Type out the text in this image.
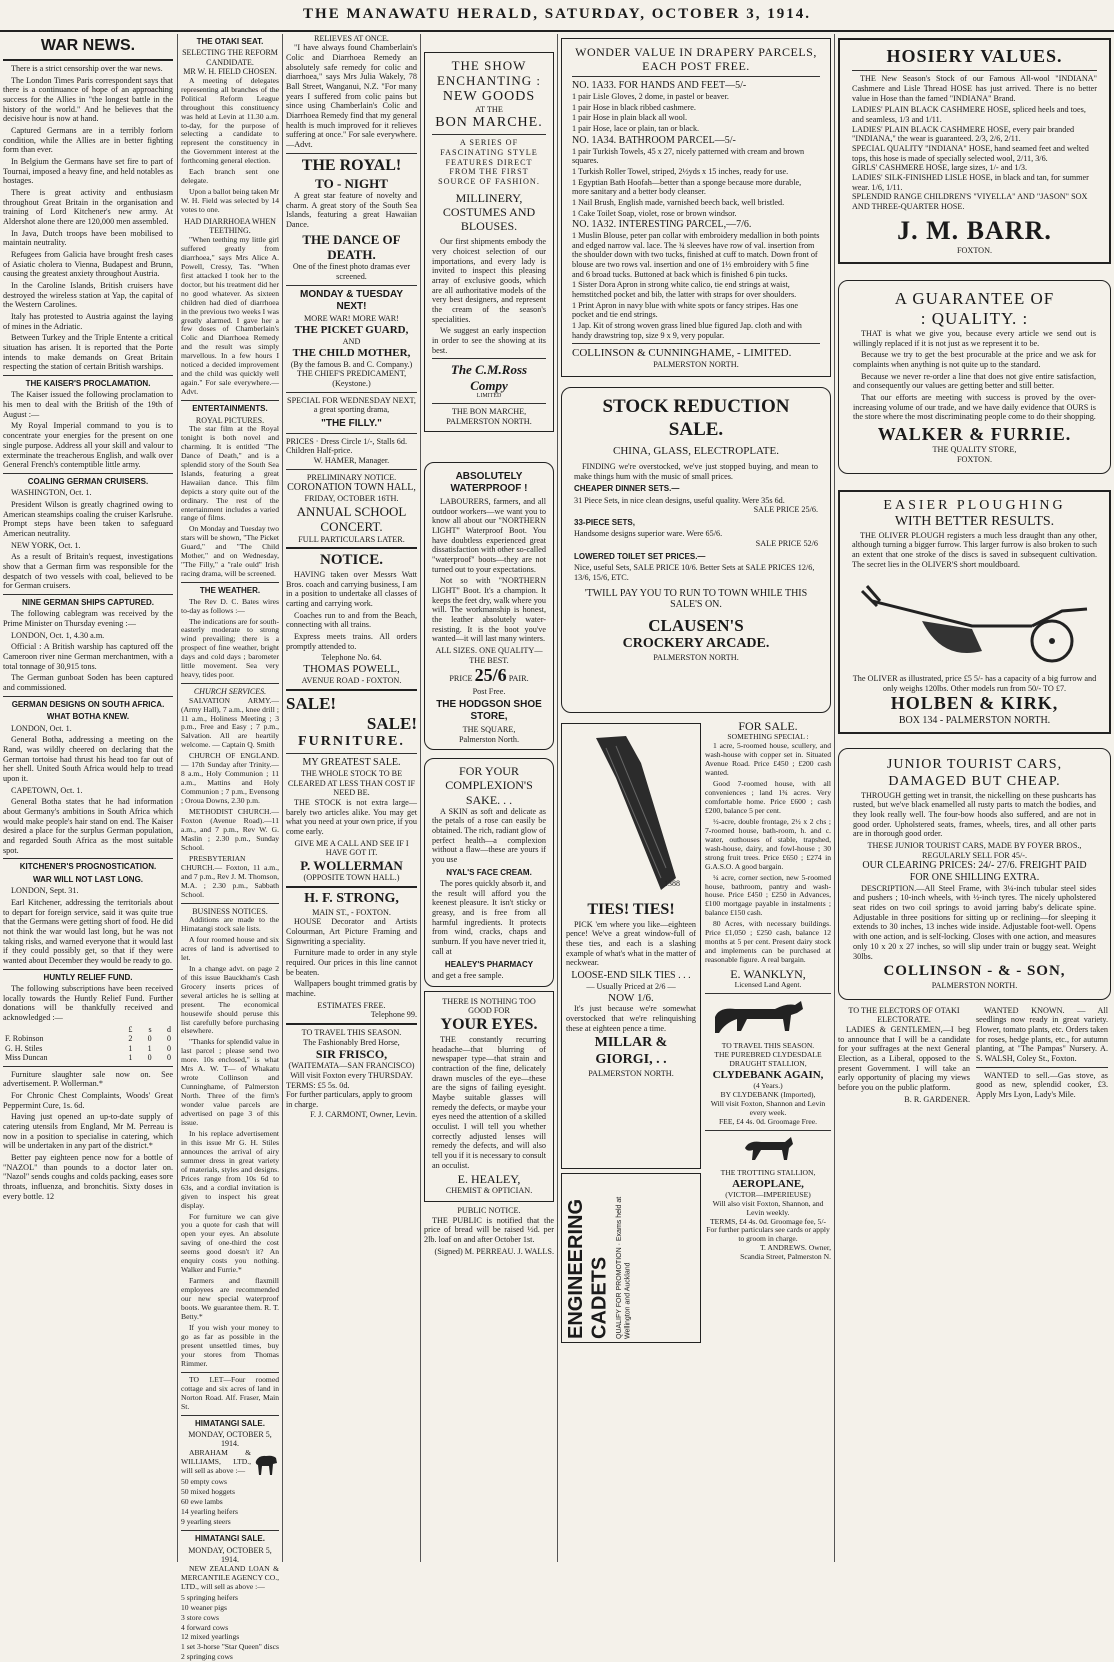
THE MANAWATU HERALD, SATURDAY, OCTOBER 3, 1914.
WAR NEWS.

There is a strict censorship over the war news.

The London Times Paris correspondent says that there is a continuance of hope of an approaching success for the Allies in "the longest battle in the history of the world." And he believes that the decisive hour is now at hand.

Captured Germans are in a terribly forlorn condition, while the Allies are in better fighting form than ever.

In Belgium the Germans have set fire to part of Tournai, imposed a heavy fine, and held notables as hostages.

There is great activity and enthusiasm throughout Great Britain in the organisation and training of Lord Kitchener's new army. At Aldershot alone there are 120,000 men assembled.

In Java, Dutch troops have been mobilised to maintain neutrality.

Refugees from Galicia have brought fresh cases of Asiatic cholera to Vienna, Budapest and Brunn, causing the greatest anxiety throughout Austria.

In the Caroline Islands, British cruisers have destroyed the wireless station at Yap, the capital of the Western Carolines.

Italy has protested to Austria against the laying of mines in the Adriatic.

Between Turkey and the Triple Entente a critical situation has arisen. It is reported that the Porte intends to make demands on Great Britain respecting the station of certain British warships.

THE KAISER'S PROCLAMATION.

The Kaiser issued the following proclamation to his men to deal with the British of the 19th of August :—

My Royal Imperial command to you is to concentrate your energies for the present on one single purpose. Address all your skill and valour to exterminate the treacherous English, and walk over General French's contemptible little army.

COALING GERMAN CRUISERS.

WASHINGTON, Oct. 1.

President Wilson is greatly chagrined owing to American steamships coaling the cruiser Karlsruhe. Prompt steps have been taken to safeguard American neutrality.

NEW YORK, Oct. 1.

As a result of Britain's request, investigations show that a German firm was responsible for the despatch of two vessels with coal, believed to be for German cruisers.

NINE GERMAN SHIPS CAPTURED.

The following cablegram was received by the Prime Minister on Thursday evening :—

LONDON, Oct. 1, 4.30 a.m.

Official : A British warship has captured off the Cameroon river nine German merchantmen, with a total tonnage of 30,915 tons.

The German gunboat Soden has been captured and commissioned.

GERMAN DESIGNS ON SOUTH AFRICA.
WHAT BOTHA KNEW.

LONDON, Oct. 1.

General Botha, addressing a meeting on the Rand, was wildly cheered on declaring that the German tortoise had thrust his head too far out of her shell. United South Africa would help to tread upon it.

CAPETOWN, Oct. 1.

General Botha states that he had information about Germany's ambitions in South Africa which would make people's hair stand on end. The Kaiser desired a place for the surplus German population, and regarded South Africa as the most suitable spot.

KITCHENER'S PROGNOSTICATION.
WAR WILL NOT LAST LONG.

LONDON, Sept. 31.

Earl Kitchener, addressing the territorials about to depart for foreign service, said it was quite true that the Germans were getting short of food. He did not think the war would last long, but he was not taking risks, and warned everyone that it would last if they could possibly get, so that if they were wanted about December they would be ready to go.

HUNTLY RELIEF FUND.

The following subscriptions have been received locally towards the Huntly Relief Fund. Further donations will be thankfully received and acknowledged :—

	£	s	d
F. Robinson	2	0	0
G. H. Stiles	1	1	0
Miss Duncan	1	0	0

Furniture slaughter sale now on. See advertisement. P. Wollerman.*

For Chronic Chest Complaints, Woods' Great Peppermint Cure, 1s. 6d.

Having just opened an up-to-date supply of catering utensils from England, Mr M. Perreau is now in a position to specialise in catering, which will be undertaken in any part of the district.*

Better pay eighteen pence now for a bottle of "NAZOL" than pounds to a doctor later on. "Nazol" sends coughs and colds packing, eases sore throats, influenza, and bronchitis. Sixty doses in every bottle. 12

THE OTAKI SEAT.
SELECTING THE REFORM CANDIDATE.
MR W. H. FIELD CHOSEN.

A meeting of delegates representing all branches of the Political Reform League throughout this constituency was held at Levin at 11.30 a.m. to-day, for the purpose of selecting a candidate to represent the constituency in the Government interest at the forthcoming general election.

Each branch sent one delegate.

Upon a ballot being taken Mr W. H. Field was selected by 14 votes to one.

HAD DIARRHOEA WHEN TEETHING.

"When teething my little girl suffered greatly from diarrhoea," says Mrs Alice A. Powell, Cressy, Tas. "When first attacked I took her to the doctor, but his treatment did her no good whatever. As sixteen children had died of diarrhoea in the previous two weeks I was greatly alarmed. I gave her a few doses of Chamberlain's Colic and Diarrhoea Remedy and the result was simply marvellous. In a few hours I noticed a decided improvement and the child was quickly well again." For sale everywhere.—Advt.

ENTERTAINMENTS.
ROYAL PICTURES.

The star film at the Royal tonight is both novel and charming. It is entitled "The Dance of Death," and is a splendid story of the South Sea Islands, featuring a great Hawaiian dance. This film depicts a story quite out of the ordinary. The rest of the entertainment includes a varied range of films.

On Monday and Tuesday two stars will be shown, "The Picket Guard," and "The Child Mother," and on Wednesday, "The Filly," a "rale ould" Irish racing drama, will be screened.

THE WEATHER.

The Rev D. C. Bates wires to-day as follows :—

The indications are for south-easterly moderate to strong wind prevailing; there is a prospect of fine weather, bright days and cold days ; barometer little movement. Sea very heavy, tides poor.

CHURCH SERVICES.

SALVATION ARMY.—(Army Hall), 7 a.m., knee drill ; 11 a.m., Holiness Meeting ; 3 p.m., Free and Easy ; 7 p.m., Salvation. All are heartily welcome. — Captain Q. Smith

CHURCH OF ENGLAND.— 17th Sunday after Trinity.—8 a.m., Holy Communion ; 11 a.m., Mattins and Holy Communion ; 7 p.m., Evensong ; Oroua Downs, 2.30 p.m.

METHODIST CHURCH.—Foxton (Avenue Road).—11 a.m., and 7 p.m., Rev W. G. Maslin ; 2.30 p.m., Sunday School.

PRESBYTERIAN CHURCH.— Foxton, 11 a.m., and 7 p.m., Rev J. M. Thomson, M.A. ; 2.30 p.m., Sabbath School.

BUSINESS NOTICES.

Additions are made to the Himatangi stock sale lists.

A four roomed house and six acres of land is advertised to let.

In a change advt. on page 2 of this issue Bauckham's Cash Grocery inserts prices of several articles he is selling at present. The economical housewife should peruse this list carefully before purchasing elsewhere.

"Thanks for splendid value in last parcel ; please send two more. 10s enclosed," is what Mrs A. W. T— of Whakatu wrote Collinson and Cunninghame, of Palmerston North. Three of the firm's wonder value parcels are advertised on page 3 of this issue.

In his replace advertisement in this issue Mr G. H. Stiles announces the arrival of airy summer dress in great variety of materials, styles and designs. Prices range from 10s 6d to 63s, and a cordial invitation is given to inspect his great display.

For furniture we can give you a quote for cash that will open your eyes. An absolute saving of one-third the cost seems good doesn't it? An enquiry costs you nothing. Walker and Furrie.*

Farmers and flaxmill employees are recommended our new special waterproof boots. We guarantee them. R. T. Betty.*

If you wish your money to go as far as possible in the present unsettled times, buy your stores from Thomas Rimmer.

TO LET—Four roomed cottage and six acres of land in Norton Road. Alf. Fraser, Main St.

HIMATANGI SALE.
MONDAY, OCTOBER 5, 1914.

ABRAHAM & WILLIAMS, LTD., will sell as above :—

50 empty cows
50 mixed hoggets
60 ewe lambs
14 yearling heifers
9 yearling steers
HIMATANGI SALE.
MONDAY, OCTOBER 5, 1914.

NEW ZEALAND LOAN & MERCANTILE AGENCY CO., LTD., will sell as above :—

5 springing heifers
10 weaner pigs
3 store cows
4 forward cows
12 mixed yearlings
1 set 3-horse "Star Queen" discs
2 springing cows
RELIEVES AT ONCE.

"I have always found Chamberlain's Colic and Diarrhoea Remedy an absolutely safe remedy for colic and diarrhoea," says Mrs Julia Wakely, 78 Ball Street, Wanganui, N.Z. "For many years I suffered from colic pains but since using Chamberlain's Colic and Diarrhoea Remedy find that my general health is much improved for it relieves suffering at once." For sale everywhere. —Advt.

THE ROYAL!
TO - NIGHT

A great star feature of novelty and charm. A great story of the South Sea Islands, featuring a great Hawaiian Dance.

THE DANCE OF DEATH.
One of the finest photo dramas ever screened.
MONDAY & TUESDAY NEXT!
MORE WAR! MORE WAR!
THE PICKET GUARD,
AND
THE CHILD MOTHER,
(By the famous B. and C. Company.)
THE CHIEF'S PREDICAMENT, (Keystone.)
SPECIAL FOR WEDNESDAY NEXT, a great sporting drama,
"THE FILLY."
PRICES · Dress Circle 1/-, Stalls 6d. Children Half-price.
W. HAMER, Manager.
PRELIMINARY NOTICE.
CORONATION TOWN HALL,
FRIDAY, OCTOBER 16TH.
ANNUAL SCHOOL CONCERT.
FULL PARTICULARS LATER.
NOTICE.

HAVING taken over Messrs Watt Bros. coach and carrying business, I am in a position to undertake all classes of carting and carrying work.

Coaches run to and from the Beach, connecting with all trains.

Express meets trains. All orders promptly attended to.

Telephone No. 64.
THOMAS POWELL,
AVENUE ROAD - FOXTON.
SALE!
SALE!
FURNITURE.
MY GREATEST SALE.
THE WHOLE STOCK TO BE CLEARED AT LESS THAN COST IF NEED BE.

THE STOCK is not extra large—barely two articles alike. You may get what you need at your own price, if you come early.

GIVE ME A CALL AND SEE IF I HAVE GOT IT.
P. WOLLERMAN
(OPPOSITE TOWN HALL.)
H. F. STRONG,
MAIN ST., - FOXTON.

HOUSE Decorator and Artists Colourman, Art Picture Framing and Signwriting a speciality.

Furniture made to order in any style required. Our prices in this line cannot be beaten.

Wallpapers bought trimmed gratis by machine.

ESTIMATES FREE.
Telephone 99.
TO TRAVEL THIS SEASON.
The Fashionably Bred Horse,
SIR FRISCO,
(WAITEMATA—SAN FRANCISCO)
Will visit Foxton every THURSDAY.
TERMS: £5 5s. 0d.
For further particulars, apply to groom in charge.
F. J. CARMONT, Owner, Levin.
THE SHOW ENCHANTING :
NEW GOODS
AT THE
BON MARCHE.
A SERIES OF FASCINATING STYLE FEATURES DIRECT FROM THE FIRST SOURCE OF FASHION.
MILLINERY, COSTUMES AND BLOUSES.

Our first shipments embody the very choicest selection of our importations, and every lady is invited to inspect this pleasing array of exclusive goods, which are all authoritative models of the very best designers, and represent the cream of the season's specialities.

We suggest an early inspection in order to see the showing at its best.

The C.M.Ross Compy
LIMITED
THE BON MARCHE,
PALMERSTON NORTH.
ABSOLUTELY WATERPROOF !

LABOURERS, farmers, and all outdoor workers—we want you to know all about our "NORTHERN LIGHT" Waterproof Boot. You have doubtless experienced great dissatisfaction with other so-called "waterproof" boots—they are not turned out to your expectations.

Not so with "NORTHERN LIGHT" Boot. It's a champion. It keeps the feet dry, walk where you will. The workmanship is honest, the leather absolutely water-resisting. It is the boot you've wanted—it will last many winters.

ALL SIZES. ONE QUALITY—THE BEST.
PRICE 25/6 PAIR.
Post Free.
THE HODGSON SHOE STORE,
THE SQUARE,
Palmerston North.
FOR YOUR COMPLEXION'S SAKE. . .

A SKIN as soft and delicate as the petals of a rose can easily be obtained. The rich, radiant glow of perfect health—a complexion without a flaw—these are yours if you use

NYAL'S FACE CREAM.

The pores quickly absorb it, and the result will afford you the keenest pleasure. It isn't sticky or greasy, and is free from all harmful ingredients. It protects from wind, cracks, chaps and sunburn. If you have never tried it, call at

HEALEY'S PHARMACY
and get a free sample.
THERE IS NOTHING TOO GOOD FOR
YOUR EYES.

THE constantly recurring headache—that blurring of newspaper type—that strain and contraction of the fine, delicately drawn muscles of the eye—these are the signs of failing eyesight. Maybe suitable glasses will remedy the defects, or maybe your eyes need the attention of a skilled occulist. I will tell you whether correctly adjusted lenses will remedy the defects, and will also tell you if it is necessary to consult an occulist.

E. HEALEY,
CHEMIST & OPTICIAN.
PUBLIC NOTICE.

THE PUBLIC is notified that the price of bread will be raised ½d. per 2lb. loaf on and after October 1st.

(Signed) M. PERREAU. J. WALLS.
WONDER VALUE IN DRAPERY PARCELS, EACH POST FREE.
NO. 1A33. FOR HANDS AND FEET—5/-
1 pair Lisle Gloves, 2 dome, in pastel or beaver.
1 pair Hose in black ribbed cashmere.
1 pair Hose in plain black all wool.
1 pair Hose, lace or plain, tan or black.
NO. 1A34. BATHROOM PARCEL—5/-
1 pair Turkish Towels, 45 x 27, nicely patterned with cream and brown squares.
1 Turkish Roller Towel, striped, 2½yds x 15 inches, ready for use.
1 Egyptian Bath Hoofah—better than a sponge because more durable, more sanitary and a better body cleanser.
1 Nail Brush, English made, varnished beech back, well bristled.
1 Cake Toilet Soap, violet, rose or brown windsor.
NO. 1A32. INTERESTING PARCEL,—7/6.
1 Muslin Blouse, peter pan collar with embroidery medallion in both points and edged narrow val. lace. The ¾ sleeves have row of val. insertion from the shoulder down with two tucks, finished at cuff to match. Down front of blouse are two rows val. insertion and one of 1½ embroidery with 5 fine and 6 broad tucks. Buttoned at back which is finished 6 pin tucks.
1 Sister Dora Apron in strong white calico, tie end strings at waist, hemstitched pocket and bib, the latter with straps for over shoulders.
1 Print Apron in navy blue with white spots or fancy stripes. Has one pocket and tie end strings.
1 Jap. Kit of strong woven grass lined blue figured Jap. cloth and with handy drawstring top, size 9 x 9, very popular.
COLLINSON & CUNNINGHAME, - LIMITED.
PALMERSTON NORTH.
STOCK REDUCTION SALE.
CHINA, GLASS, ELECTROPLATE.

FINDING we're overstocked, we've just stopped buying, and mean to make things hum with the music of small prices.

CHEAPER DINNER SETS.—
31 Piece Sets, in nice clean designs, useful quality. Were 35s 6d.
SALE PRICE 25/6.
33-PIECE SETS,
Handsome designs superior ware. Were 65/6.
SALE PRICE 52/6
LOWERED TOILET SET PRICES.—
Nice, useful Sets, SALE PRICE 10/6. Better Sets at SALE PRICES 12/6, 13/6, 15/6, ETC.
'TWILL PAY YOU TO RUN TO TOWN WHILE THIS SALE'S ON.
CLAUSEN'S
CROCKERY ARCADE.
PALMERSTON NORTH.
1388
TIES! TIES!

PICK 'em where you like—eighteen pence! We've a great window-full of these ties, and each is a slashing example of what's what in the matter of neckwear.

LOOSE-END SILK TIES . . .
— Usually Priced at 2/6 —
NOW 1/6.

It's just because we're somewhat overstocked that we're relinquishing these at eighteen pence a time.

MILLAR & GIORGI, . .
PALMERSTON NORTH.
ENGINEERING CADETS QUALIFY FOR PROMOTION · Exams held at Wellington and Auckland
FOR SALE.
SOMETHING SPECIAL :

1 acre, 5-roomed house, scullery, and wash-house with copper set in. Situated Avenue Road. Price £450 ; £200 cash wanted.

Good 7-roomed house, with all conveniences ; land 1¾ acres. Very comfortable home. Price £600 ; cash £200, balance 5 per cent.

½-acre, double frontage, 2½ x 2 chs ; 7-roomed house, bath-room, h. and c. water, outhouses of stable, trapshed, wash-house, dairy, and fowl-house ; 30 strong fruit trees. Price £650 ; £274 in G.A.S.O. A good bargain.

¼ acre, corner section, new 5-roomed house, bathroom, pantry and wash-house. Price £450 ; £250 in Advances, £100 mortgage payable in instalments ; balance £150 cash.

80 Acres, with necessary buildings. Price £1,050 ; £250 cash, balance 12 months at 5 per cent. Present dairy stock and implements can be purchased at reasonable figure. A real bargain.

E. WANKLYN,
Licensed Land Agent.
TO TRAVEL THIS SEASON.
THE PUREBRED CLYDESDALE DRAUGHT STALLION,
CLYDEBANK AGAIN,
(4 Years.)
BY CLYDEBANK (Imported),
Will visit Foxton, Shannon and Levin every week.
FEE, £4 4s. 0d. Groomage Free.
THE TROTTING STALLION,
AEROPLANE,
(VICTOR—IMPERIEUSE)
Will also visit Foxton, Shannon, and Levin weekly.
TERMS, £4 4s. 0d. Groomage fee, 5/-
For further particulars see cards or apply to groom in charge.
T. ANDREWS. Owner,
Scandia Street, Palmerston N.
HOSIERY VALUES.

THE New Season's Stock of our Famous All-wool "INDIANA" Cashmere and Lisle Thread HOSE has just arrived. There is no better value in Hose than the famed "INDIANA" Brand.

LADIES' PLAIN BLACK CASHMERE HOSE, spliced heels and toes, and seamless, 1/3 and 1/11.
LADIES' PLAIN BLACK CASHMERE HOSE, every pair branded "INDIANA," the wear is guaranteed. 2/3, 2/6, 2/11.
SPECIAL QUALITY "INDIANA" HOSE, hand seamed feet and welted tops, this hose is made of specially selected wool, 2/11, 3/6.
GIRLS' CASHMERE HOSE, large sizes, 1/- and 1/3.
LADIES' SILK-FINISHED LISLE HOSE, in black and tan, for summer wear. 1/6, 1/11.
SPLENDID RANGE CHILDREN'S "VIYELLA" AND "JASON" SOX AND THREE-QUARTER HOSE.
J. M. BARR.
FOXTON.
A GUARANTEE OF
: QUALITY. :

THAT is what we give you, because every article we send out is willingly replaced if it is not just as we represent it to be.

Because we try to get the best procurable at the price and we ask for complaints when anything is not quite up to the standard.

Because we never re-order a line that does not give entire satisfaction, and consequently our values are getting better and still better.

That our efforts are meeting with success is proved by the over-increasing volume of our trade, and we have daily evidence that OURS is the store where the most discriminating people come to do their shopping.

WALKER & FURRIE.
THE QUALITY STORE,
FOXTON.
EASIER PLOUGHING
WITH BETTER RESULTS.

THE OLIVER PLOUGH registers a much less draught than any other, although turning a bigger furrow. This larger furrow is also broken to such an extent that one stroke of the discs is saved in subsequent cultivation. The secret lies in the OLIVER'S short mouldboard.

The OLIVER as illustrated, price £5 5/- has a capacity of a big furrow and only weighs 120lbs. Other models run from 50/- TO £7.
HOLBEN & KIRK,
BOX 134 - PALMERSTON NORTH.
JUNIOR TOURIST CARS, DAMAGED BUT CHEAP.

THROUGH getting wet in transit, the nickelling on these pushcarts has rusted, but we've black enamelled all rusty parts to match the bodies, and they look really well. The four-bow hoods also suffered, and are not in good order. Upholstered seats, frames, wheels, tires, and all other parts are in thorough good order.

THESE JUNIOR TOURIST CARS, MADE BY FOYER BROS., REGULARLY SELL FOR 45/-.
OUR CLEARING PRICES: 24/- 27/6. FREIGHT PAID FOR ONE SHILLING EXTRA.

DESCRIPTION.—All Steel Frame, with 3¼-inch tubular steel sides and pushers ; 10-inch wheels, with ½-inch tyres. The nicely upholstered seat rides on two coil springs to avoid jarring baby's delicate spine. Adjustable in three positions for sitting up or reclining—for sleeping it extends to 30 inches, 13 inches wide inside. Adjustable foot-well. Opens with one action, and is self-locking. Closes with one action, and measures only 10 x 20 x 27 inches, so will slip under train or buggy seat. Weight 30lbs.

COLLINSON - & - SON,
PALMERSTON NORTH.
TO THE ELECTORS OF OTAKI ELECTORATE.

LADIES & GENTLEMEN,—I beg to announce that I will be a candidate for your suffrages at the next General Election, as a Liberal, opposed to the present Government. I will take an early opportunity of placing my views before you on the public platform.

B. R. GARDENER.

WANTED KNOWN. — All seedlings now ready in great variety. Flower, tomato plants, etc. Orders taken for roses, hedge plants, etc., for autumn planting, at "The Pampas" Nursery. A. S. WALSH, Coley St., Foxton.

WANTED to sell.—Gas stove, as good as new, splendid cooker, £3. Apply Mrs Lyon, Lady's Mile.
